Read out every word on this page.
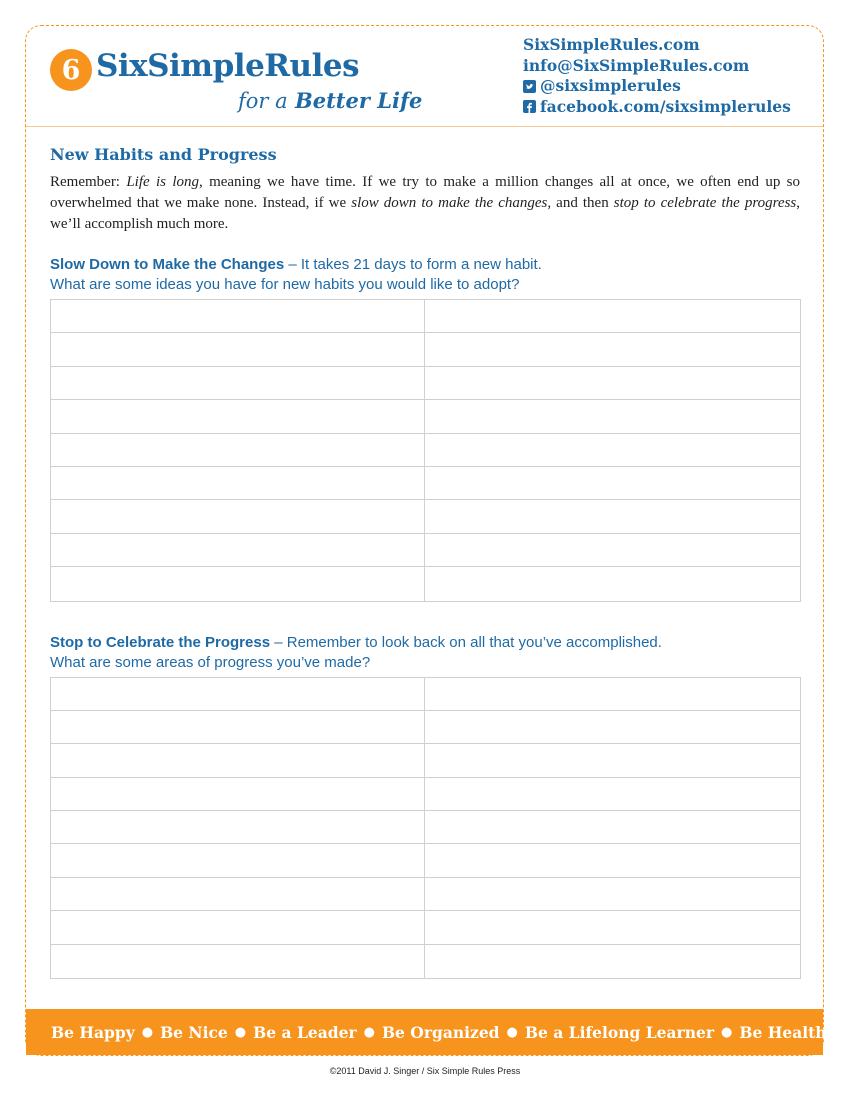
6 SixSimpleRules
for a Better Life
SixSimpleRules.com
info@SixSimpleRules.com
@sixsimplerules
facebook.com/sixsimplerules
New Habits and Progress

Remember: Life is long, meaning we have time. If we try to make a million changes all at once, we often end up so overwhelmed that we make none. Instead, if we slow down to make the changes, and then stop to celebrate the progress, we’ll accomplish much more.

Slow Down to Make the Changes – It takes 21 days to form a new habit.

What are some ideas you have for new habits you would like to adopt?

Stop to Celebrate the Progress – Remember to look back on all that you’ve accomplished.

What are some areas of progress you’ve made?

Be Happy ● Be Nice ● Be a Leader ● Be Organized ● Be a Lifelong Learner ● Be Healthy
©2011 David J. Singer / Six Simple Rules Press
